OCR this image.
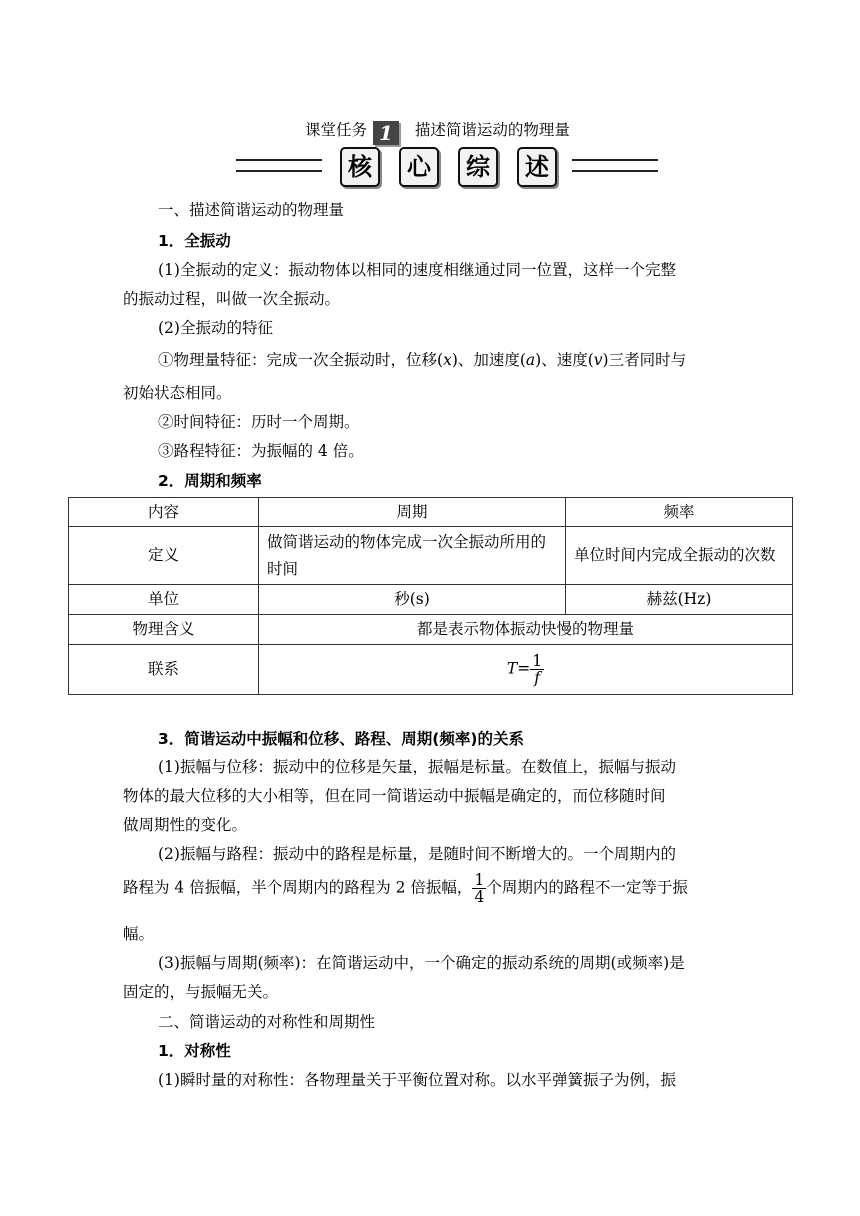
课堂任务 1 描述简谐运动的物理量
核	心	综	述
一、描述简谐运动的物理量
1．全振动
(1)全振动的定义：振动物体以相同的速度相继通过同一位置，这样一个完整
的振动过程，叫做一次全振动。
(2)全振动的特征
①物理量特征：完成一次全振动时，位移(x)、加速度(a)、速度(v)三者同时与
初始状态相同。
②时间特征：历时一个周期。
③路程特征：为振幅的 4 倍。
2．周期和频率
内容	周期	频率
定义	做简谐运动的物体完成一次全振动所用的时间	单位时间内完成全振动的次数
单位	秒(s)	赫兹(Hz)
物理含义	都是表示物体振动快慢的物理量	
联系	$T= \frac{1}{f}$
3．简谐运动中振幅和位移、路程、周期(频率)的关系
(1)振幅与位移：振动中的位移是矢量，振幅是标量。在数值上，振幅与振动
物体的最大位移的大小相等，但在同一简谐运动中振幅是确定的，而位移随时间
做周期性的变化。
(2)振幅与路程：振动中的路程是标量，是随时间不断增大的。一个周期内的
路程为 4 倍振幅，半个周期内的路程为 2 倍振幅， $\frac{1}{4}$ 个周期内的路程不一定等于振
幅。
(3)振幅与周期(频率)：在简谐运动中，一个确定的振动系统的周期(或频率)是
固定的，与振幅无关。
二、简谐运动的对称性和周期性
1．对称性
(1)瞬时量的对称性：各物理量关于平衡位置对称。以水平弹簧振子为例，振
